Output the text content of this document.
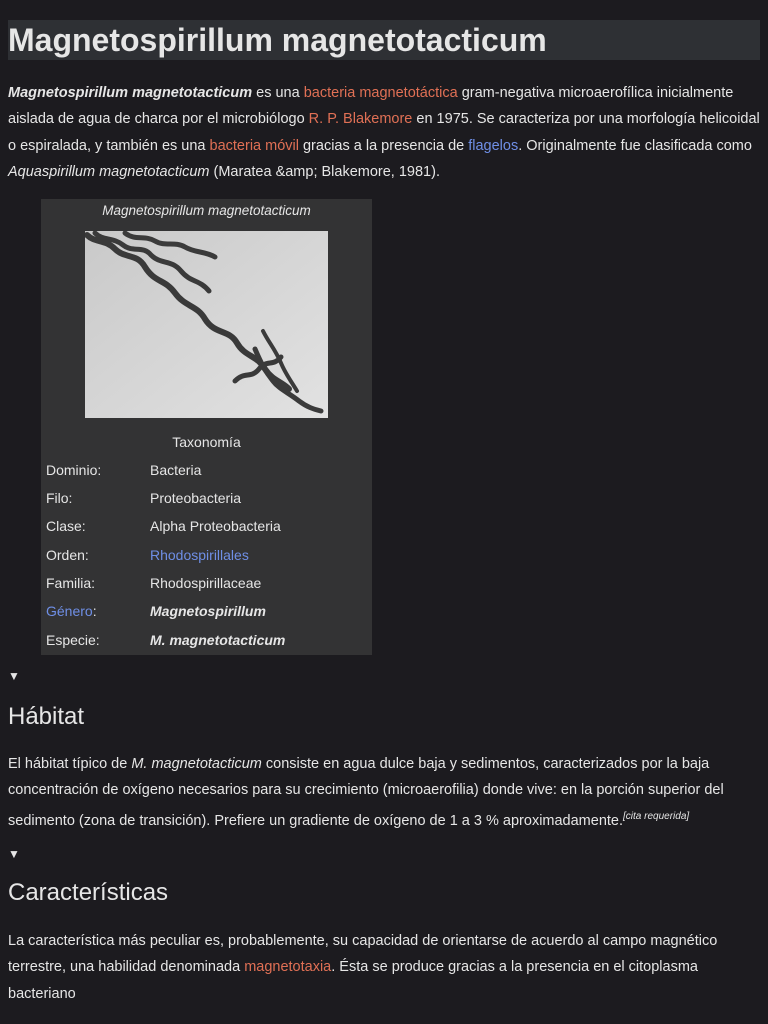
Magnetospirillum magnetotacticum

Magnetospirillum magnetotacticum es una bacteria magnetotáctica gram-negativa microaerofílica inicialmente aislada de agua de charca por el microbiólogo R. P. Blakemore en 1975. Se caracteriza por una morfología helicoidal o espiralada, y también es una bacteria móvil gracias a la presencia de flagelos. Originalmente fue clasificada como Aquaspirillum magnetotacticum (Maratea &amp; Blakemore, 1981).

Magnetospirillum magnetotacticum
Taxonomía
Dominio:	Bacteria
Filo:	Proteobacteria
Clase:	Alpha Proteobacteria
Orden:	Rhodospirillales
Familia:	Rhodospirillaceae
Género:	Magnetospirillum
Especie:	M. magnetotacticum
▼
Hábitat

El hábitat típico de M. magnetotacticum consiste en agua dulce baja y sedimentos, caracterizados por la baja concentración de oxígeno necesarios para su crecimiento (microaerofilia) donde vive: en la porción superior del sedimento (zona de transición). Prefiere un gradiente de oxígeno de 1 a 3 % aproximadamente.[cita requerida]

▼
Características

La característica más peculiar es, probablemente, su capacidad de orientarse de acuerdo al campo magnético terrestre, una habilidad denominada magnetotaxia. Ésta se produce gracias a la presencia en el citoplasma bacteriano
